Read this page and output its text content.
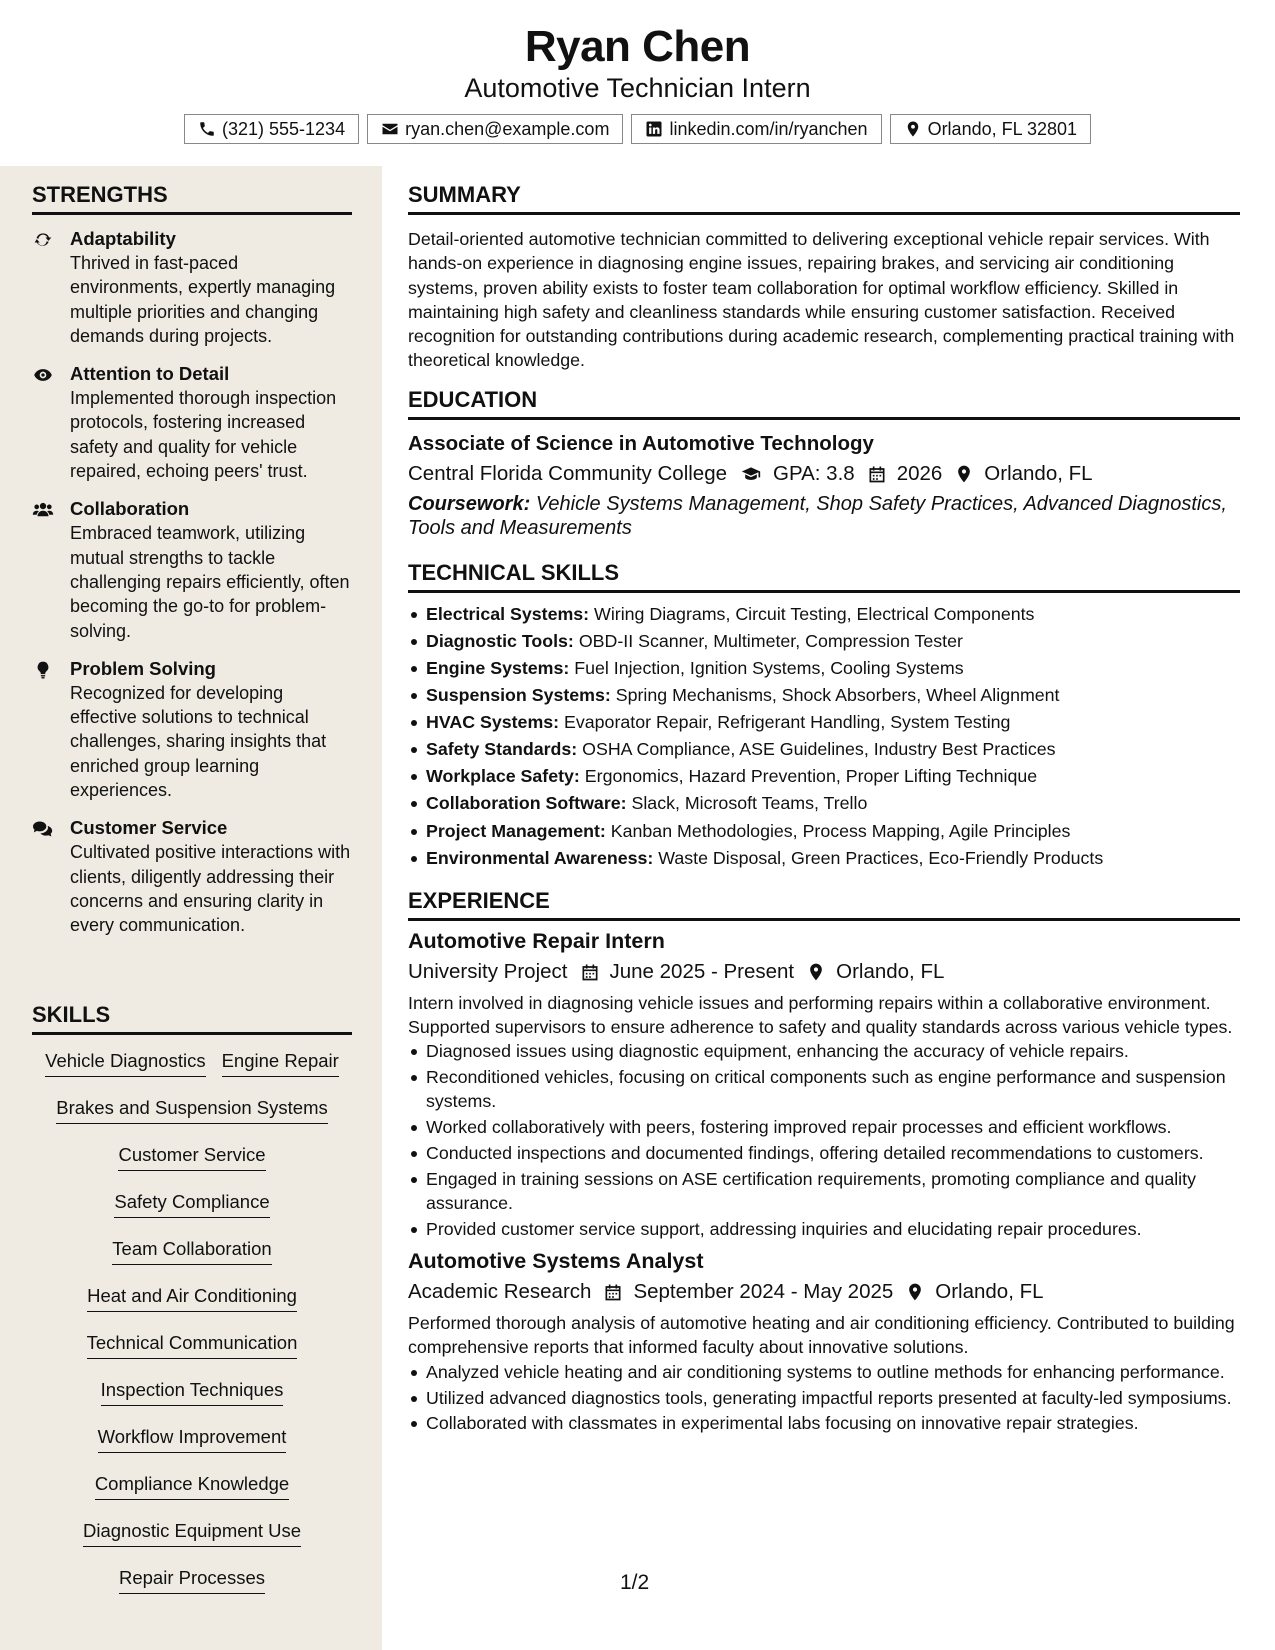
Ryan Chen
Automotive Technician Intern
(321) 555-1234	ryan.chen@example.com	linkedin.com/in/ryanchen	Orlando, FL 32801
STRENGTHS
Adaptability
Thrived in fast-paced environments, expertly managing multiple priorities and changing demands during projects.
Attention to Detail
Implemented thorough inspection protocols, fostering increased safety and quality for vehicle repaired, echoing peers' trust.
Collaboration
Embraced teamwork, utilizing mutual strengths to tackle challenging repairs efficiently, often becoming the go-to for problem-solving.
Problem Solving
Recognized for developing effective solutions to technical challenges, sharing insights that enriched group learning experiences.
Customer Service
Cultivated positive interactions with clients, diligently addressing their concerns and ensuring clarity in every communication.
SKILLS
Vehicle Diagnostics Engine Repair
Brakes and Suspension Systems
Customer Service
Safety Compliance
Team Collaboration
Heat and Air Conditioning
Technical Communication
Inspection Techniques
Workflow Improvement
Compliance Knowledge
Diagnostic Equipment Use
Repair Processes
SUMMARY
Detail-oriented automotive technician committed to delivering exceptional vehicle repair services. With hands-on experience in diagnosing engine issues, repairing brakes, and servicing air conditioning systems, proven ability exists to foster team collaboration for optimal workflow efficiency. Skilled in maintaining high safety and cleanliness standards while ensuring customer satisfaction. Received recognition for outstanding contributions during academic research, complementing practical training with theoretical knowledge.
EDUCATION
Associate of Science in Automotive Technology
Central Florida Community College GPA: 3.8 2026 Orlando, FL
Coursework: Vehicle Systems Management, Shop Safety Practices, Advanced Diagnostics, Tools and Measurements
TECHNICAL SKILLS
Electrical Systems: Wiring Diagrams, Circuit Testing, Electrical Components
Diagnostic Tools: OBD-II Scanner, Multimeter, Compression Tester
Engine Systems: Fuel Injection, Ignition Systems, Cooling Systems
Suspension Systems: Spring Mechanisms, Shock Absorbers, Wheel Alignment
HVAC Systems: Evaporator Repair, Refrigerant Handling, System Testing
Safety Standards: OSHA Compliance, ASE Guidelines, Industry Best Practices
Workplace Safety: Ergonomics, Hazard Prevention, Proper Lifting Technique
Collaboration Software: Slack, Microsoft Teams, Trello
Project Management: Kanban Methodologies, Process Mapping, Agile Principles
Environmental Awareness: Waste Disposal, Green Practices, Eco-Friendly Products
EXPERIENCE
Automotive Repair Intern
University Project June 2025 - Present Orlando, FL
Intern involved in diagnosing vehicle issues and performing repairs within a collaborative environment. Supported supervisors to ensure adherence to safety and quality standards across various vehicle types.
Diagnosed issues using diagnostic equipment, enhancing the accuracy of vehicle repairs.
Reconditioned vehicles, focusing on critical components such as engine performance and suspension systems.
Worked collaboratively with peers, fostering improved repair processes and efficient workflows.
Conducted inspections and documented findings, offering detailed recommendations to customers.
Engaged in training sessions on ASE certification requirements, promoting compliance and quality assurance.
Provided customer service support, addressing inquiries and elucidating repair procedures.
Automotive Systems Analyst
Academic Research September 2024 - May 2025 Orlando, FL
Performed thorough analysis of automotive heating and air conditioning efficiency. Contributed to building comprehensive reports that informed faculty about innovative solutions.
Analyzed vehicle heating and air conditioning systems to outline methods for enhancing performance.
Utilized advanced diagnostics tools, generating impactful reports presented at faculty-led symposiums.
Collaborated with classmates in experimental labs focusing on innovative repair strategies.
1/2
